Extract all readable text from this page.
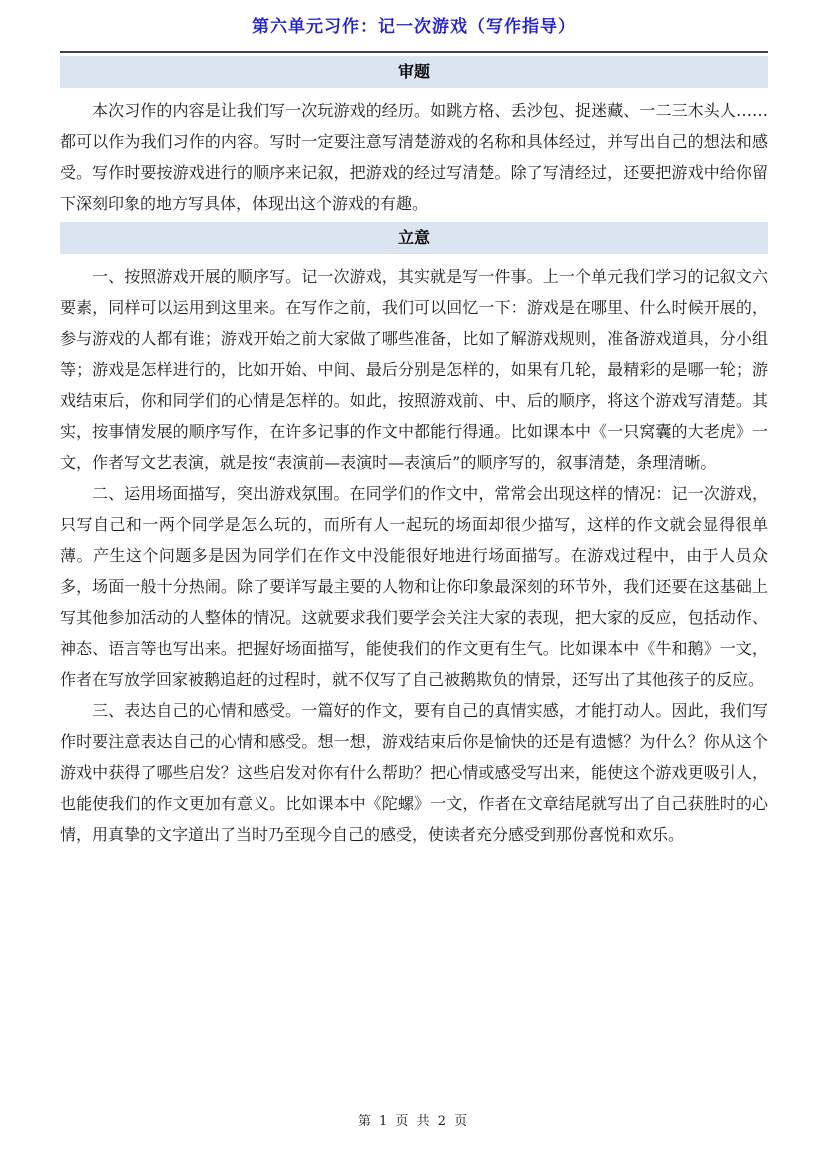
第六单元习作：记一次游戏（写作指导）
审题

本次习作的内容是让我们写一次玩游戏的经历。如跳方格、丢沙包、捉迷藏、一二三木头人……都可以作为我们习作的内容。写时一定要注意写清楚游戏的名称和具体经过，并写出自己的想法和感受。写作时要按游戏进行的顺序来记叙，把游戏的经过写清楚。除了写清经过，还要把游戏中给你留下深刻印象的地方写具体，体现出这个游戏的有趣。

立意

一、按照游戏开展的顺序写。记一次游戏，其实就是写一件事。上一个单元我们学习的记叙文六要素，同样可以运用到这里来。在写作之前，我们可以回忆一下：游戏是在哪里、什么时候开展的，参与游戏的人都有谁；游戏开始之前大家做了哪些准备，比如了解游戏规则，准备游戏道具，分小组等；游戏是怎样进行的，比如开始、中间、最后分别是怎样的，如果有几轮，最精彩的是哪一轮；游戏结束后，你和同学们的心情是怎样的。如此，按照游戏前、中、后的顺序，将这个游戏写清楚。其实，按事情发展的顺序写作，在许多记事的作文中都能行得通。比如课本中《一只窝囊的大老虎》一文，作者写文艺表演，就是按“表演前—表演时—表演后”的顺序写的，叙事清楚，条理清晰。

二、运用场面描写，突出游戏氛围。在同学们的作文中，常常会出现这样的情况：记一次游戏，只写自己和一两个同学是怎么玩的，而所有人一起玩的场面却很少描写，这样的作文就会显得很单薄。产生这个问题多是因为同学们在作文中没能很好地进行场面描写。在游戏过程中，由于人员众多，场面一般十分热闹。除了要详写最主要的人物和让你印象最深刻的环节外，我们还要在这基础上写其他参加活动的人整体的情况。这就要求我们要学会关注大家的表现，把大家的反应，包括动作、神态、语言等也写出来。把握好场面描写，能使我们的作文更有生气。比如课本中《牛和鹅》一文，作者在写放学回家被鹅追赶的过程时，就不仅写了自己被鹅欺负的情景，还写出了其他孩子的反应。

三、表达自己的心情和感受。一篇好的作文，要有自己的真情实感，才能打动人。因此，我们写作时要注意表达自己的心情和感受。想一想，游戏结束后你是愉快的还是有遗憾？为什么？你从这个游戏中获得了哪些启发？这些启发对你有什么帮助？把心情或感受写出来，能使这个游戏更吸引人，也能使我们的作文更加有意义。比如课本中《陀螺》一文，作者在文章结尾就写出了自己获胜时的心情，用真挚的文字道出了当时乃至现今自己的感受，使读者充分感受到那份喜悦和欢乐。

第 1 页 共 2 页
